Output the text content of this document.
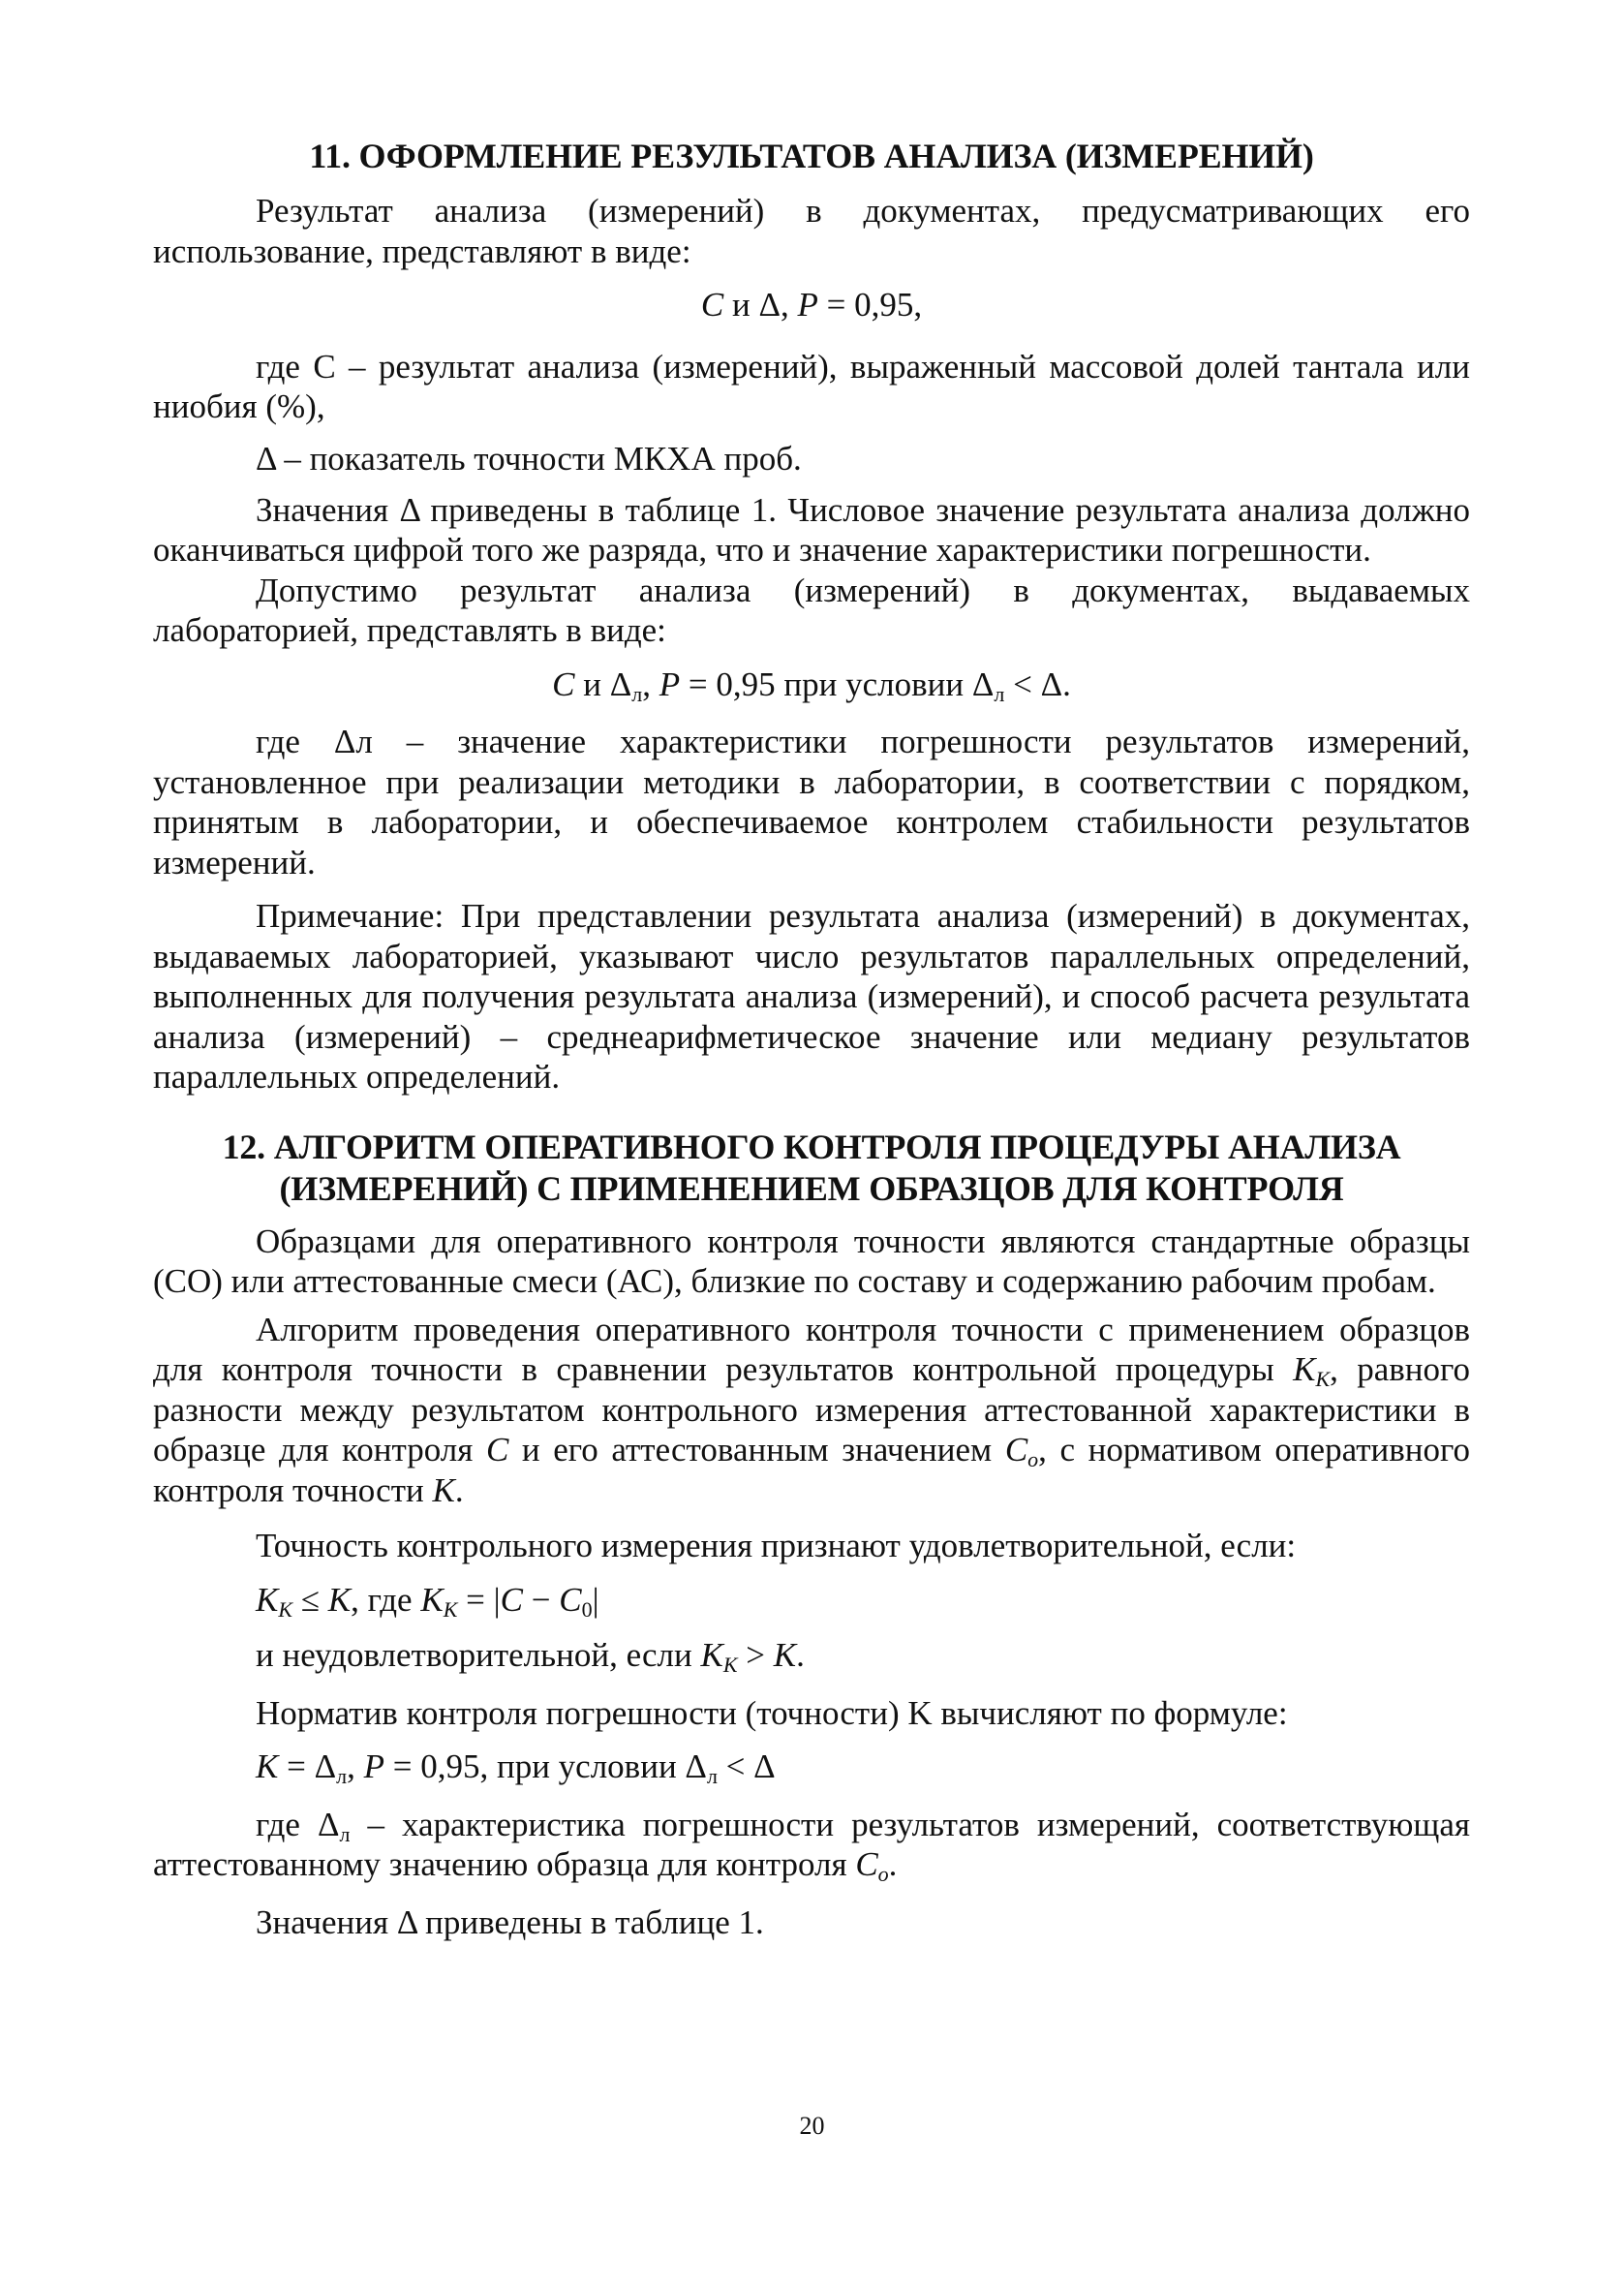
11. ОФОРМЛЕНИЕ РЕЗУЛЬТАТОВ АНАЛИЗА (ИЗМЕРЕНИЙ)

Результат анализа (измерений) в документах, предусматривающих его использование, представляют в виде:

C и Δ, P = 0,95,

где C – результат анализа (измерений), выраженный массовой долей тантала или ниобия (%),

Δ – показатель точности МКХА проб.

Значения Δ приведены в таблице 1. Числовое значение результата анализа должно оканчиваться цифрой того же разряда, что и значение характеристики погрешности.

Допустимо результат анализа (измерений) в документах, выдаваемых лабораторией, представлять в виде:

C и $\Delta_л$, P = 0,95 при условии $\Delta_л < \Delta$.

где Δл – значение характеристики погрешности результатов измерений, установленное при реализации методики в лаборатории, в соответствии с порядком, принятым в лаборатории, и обеспечиваемое контролем стабильности результатов измерений.

Примечание: При представлении результата анализа (измерений) в документах, выдаваемых лабораторией, указывают число результатов параллельных определений, выполненных для получения результата анализа (измерений), и способ расчета результата анализа (измерений) – среднеарифметическое значение или медиану результатов параллельных определений.

12. АЛГОРИТМ ОПЕРАТИВНОГО КОНТРОЛЯ ПРОЦЕДУРЫ АНАЛИЗА
(ИЗМЕРЕНИЙ) С ПРИМЕНЕНИЕМ ОБРАЗЦОВ ДЛЯ КОНТРОЛЯ

Образцами для оперативного контроля точности являются стандартные образцы (СО) или аттестованные смеси (АС), близкие по составу и содержанию рабочим пробам.

Алгоритм проведения оперативного контроля точности с применением образцов для контроля точности в сравнении результатов контрольной процедуры $K_К$, равного разности между результатом контрольного измерения аттестованной характеристики в образце для контроля C и его аттестованным значением $C_o$, с нормативом оперативного контроля точности K.

Точность контрольного измерения признают удовлетворительной, если:

$K_K \le K$, где $K_K = |C - C_0|$

и неудовлетворительной, если $K_K > K$.

Норматив контроля погрешности (точности) K вычисляют по формуле:

$K = \Delta_л$, P = 0,95, при условии $\Delta_л < \Delta$

где $\Delta_л$ – характеристика погрешности результатов измерений, соответствующая аттестованному значению образца для контроля $C_o$.

Значения Δ приведены в таблице 1.

20
